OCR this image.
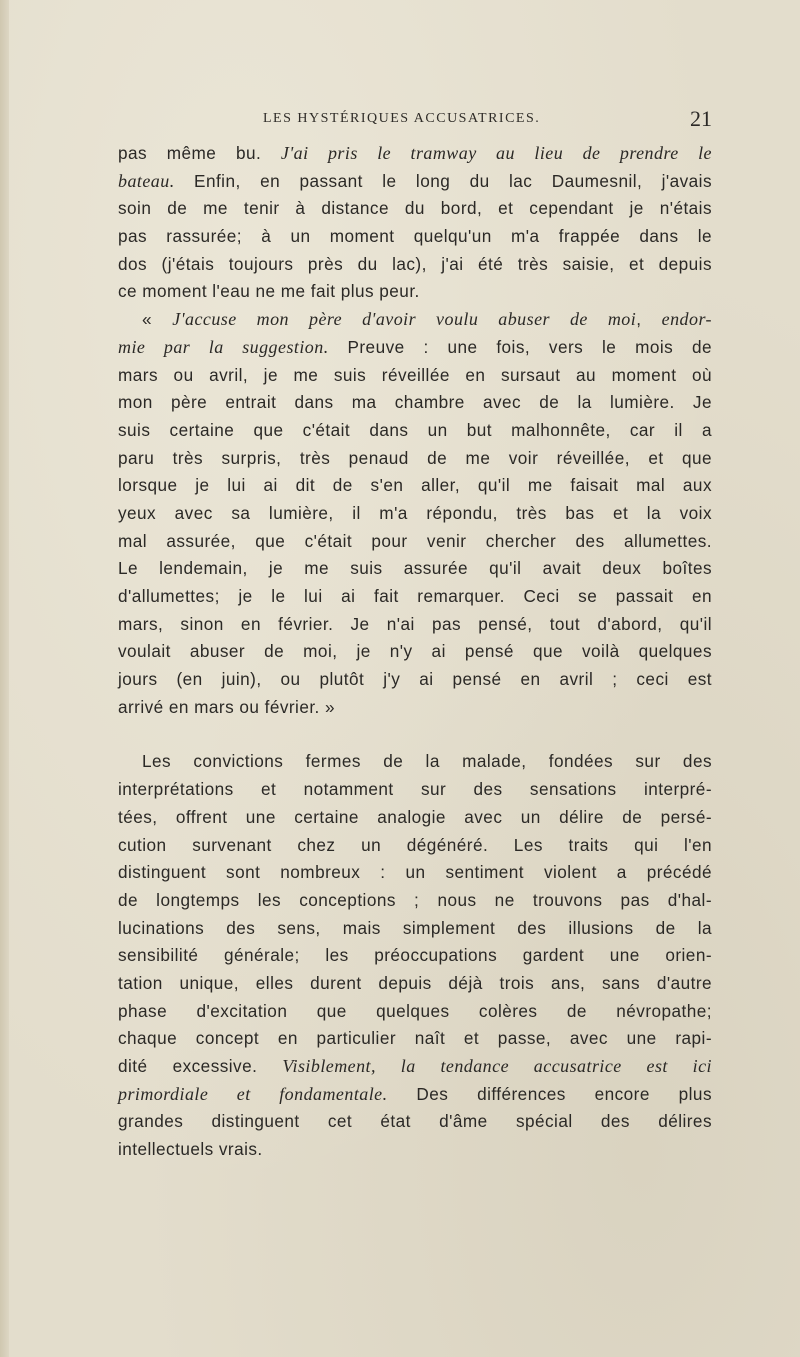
LES HYSTÉRIQUES ACCUSATRICES.	21
pas même bu. J'ai pris le tramway au lieu de prendre le
bateau. Enfin, en passant le long du lac Daumesnil, j'avais
soin de me tenir à distance du bord, et cependant je n'étais
pas rassurée; à un moment quelqu'un m'a frappée dans le
dos (j'étais toujours près du lac), j'ai été très saisie, et depuis
ce moment l'eau ne me fait plus peur.
« J'accuse mon père d'avoir voulu abuser de moi, endor-
mie par la suggestion. Preuve : une fois, vers le mois de
mars ou avril, je me suis réveillée en sursaut au moment où
mon père entrait dans ma chambre avec de la lumière. Je
suis certaine que c'était dans un but malhonnête, car il a
paru très surpris, très penaud de me voir réveillée, et que
lorsque je lui ai dit de s'en aller, qu'il me faisait mal aux
yeux avec sa lumière, il m'a répondu, très bas et la voix
mal assurée, que c'était pour venir chercher des allumettes.
Le lendemain, je me suis assurée qu'il avait deux boîtes
d'allumettes; je le lui ai fait remarquer. Ceci se passait en
mars, sinon en février. Je n'ai pas pensé, tout d'abord, qu'il
voulait abuser de moi, je n'y ai pensé que voilà quelques
jours (en juin), ou plutôt j'y ai pensé en avril ; ceci est
arrivé en mars ou février. »
Les convictions fermes de la malade, fondées sur des
interprétations et notamment sur des sensations interpré-
tées, offrent une certaine analogie avec un délire de persé-
cution survenant chez un dégénéré. Les traits qui l'en
distinguent sont nombreux : un sentiment violent a précédé
de longtemps les conceptions ; nous ne trouvons pas d'hal-
lucinations des sens, mais simplement des illusions de la
sensibilité générale; les préoccupations gardent une orien-
tation unique, elles durent depuis déjà trois ans, sans d'autre
phase d'excitation que quelques colères de névropathe;
chaque concept en particulier naît et passe, avec une rapi-
dité excessive. Visiblement, la tendance accusatrice est ici
primordiale et fondamentale. Des différences encore plus
grandes distinguent cet état d'âme spécial des délires
intellectuels vrais.
